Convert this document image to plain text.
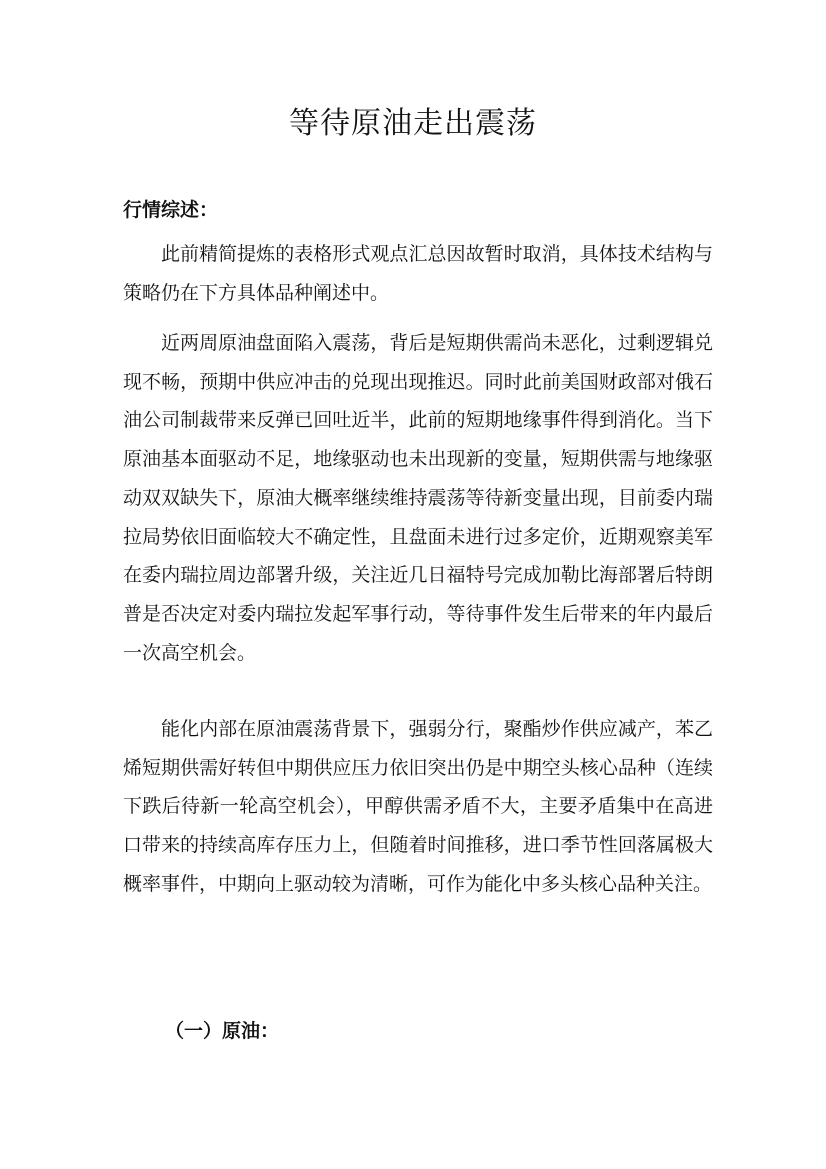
等待原油走出震荡
行情综述：

此前精简提炼的表格形式观点汇总因故暂时取消，具体技术结构与策略仍在下方具体品种阐述中。

近两周原油盘面陷入震荡，背后是短期供需尚未恶化，过剩逻辑兑现不畅，预期中供应冲击的兑现出现推迟。同时此前美国财政部对俄石油公司制裁带来反弹已回吐近半，此前的短期地缘事件得到消化。当下原油基本面驱动不足，地缘驱动也未出现新的变量，短期供需与地缘驱动双双缺失下，原油大概率继续维持震荡等待新变量出现，目前委内瑞拉局势依旧面临较大不确定性，且盘面未进行过多定价，近期观察美军在委内瑞拉周边部署升级，关注近几日福特号完成加勒比海部署后特朗普是否决定对委内瑞拉发起军事行动，等待事件发生后带来的年内最后一次高空机会。

能化内部在原油震荡背景下，强弱分行，聚酯炒作供应减产，苯乙烯短期供需好转但中期供应压力依旧突出仍是中期空头核心品种（连续下跌后待新一轮高空机会），甲醇供需矛盾不大，主要矛盾集中在高进口带来的持续高库存压力上，但随着时间推移，进口季节性回落属极大概率事件，中期向上驱动较为清晰，可作为能化中多头核心品种关注。

（一）原油：
